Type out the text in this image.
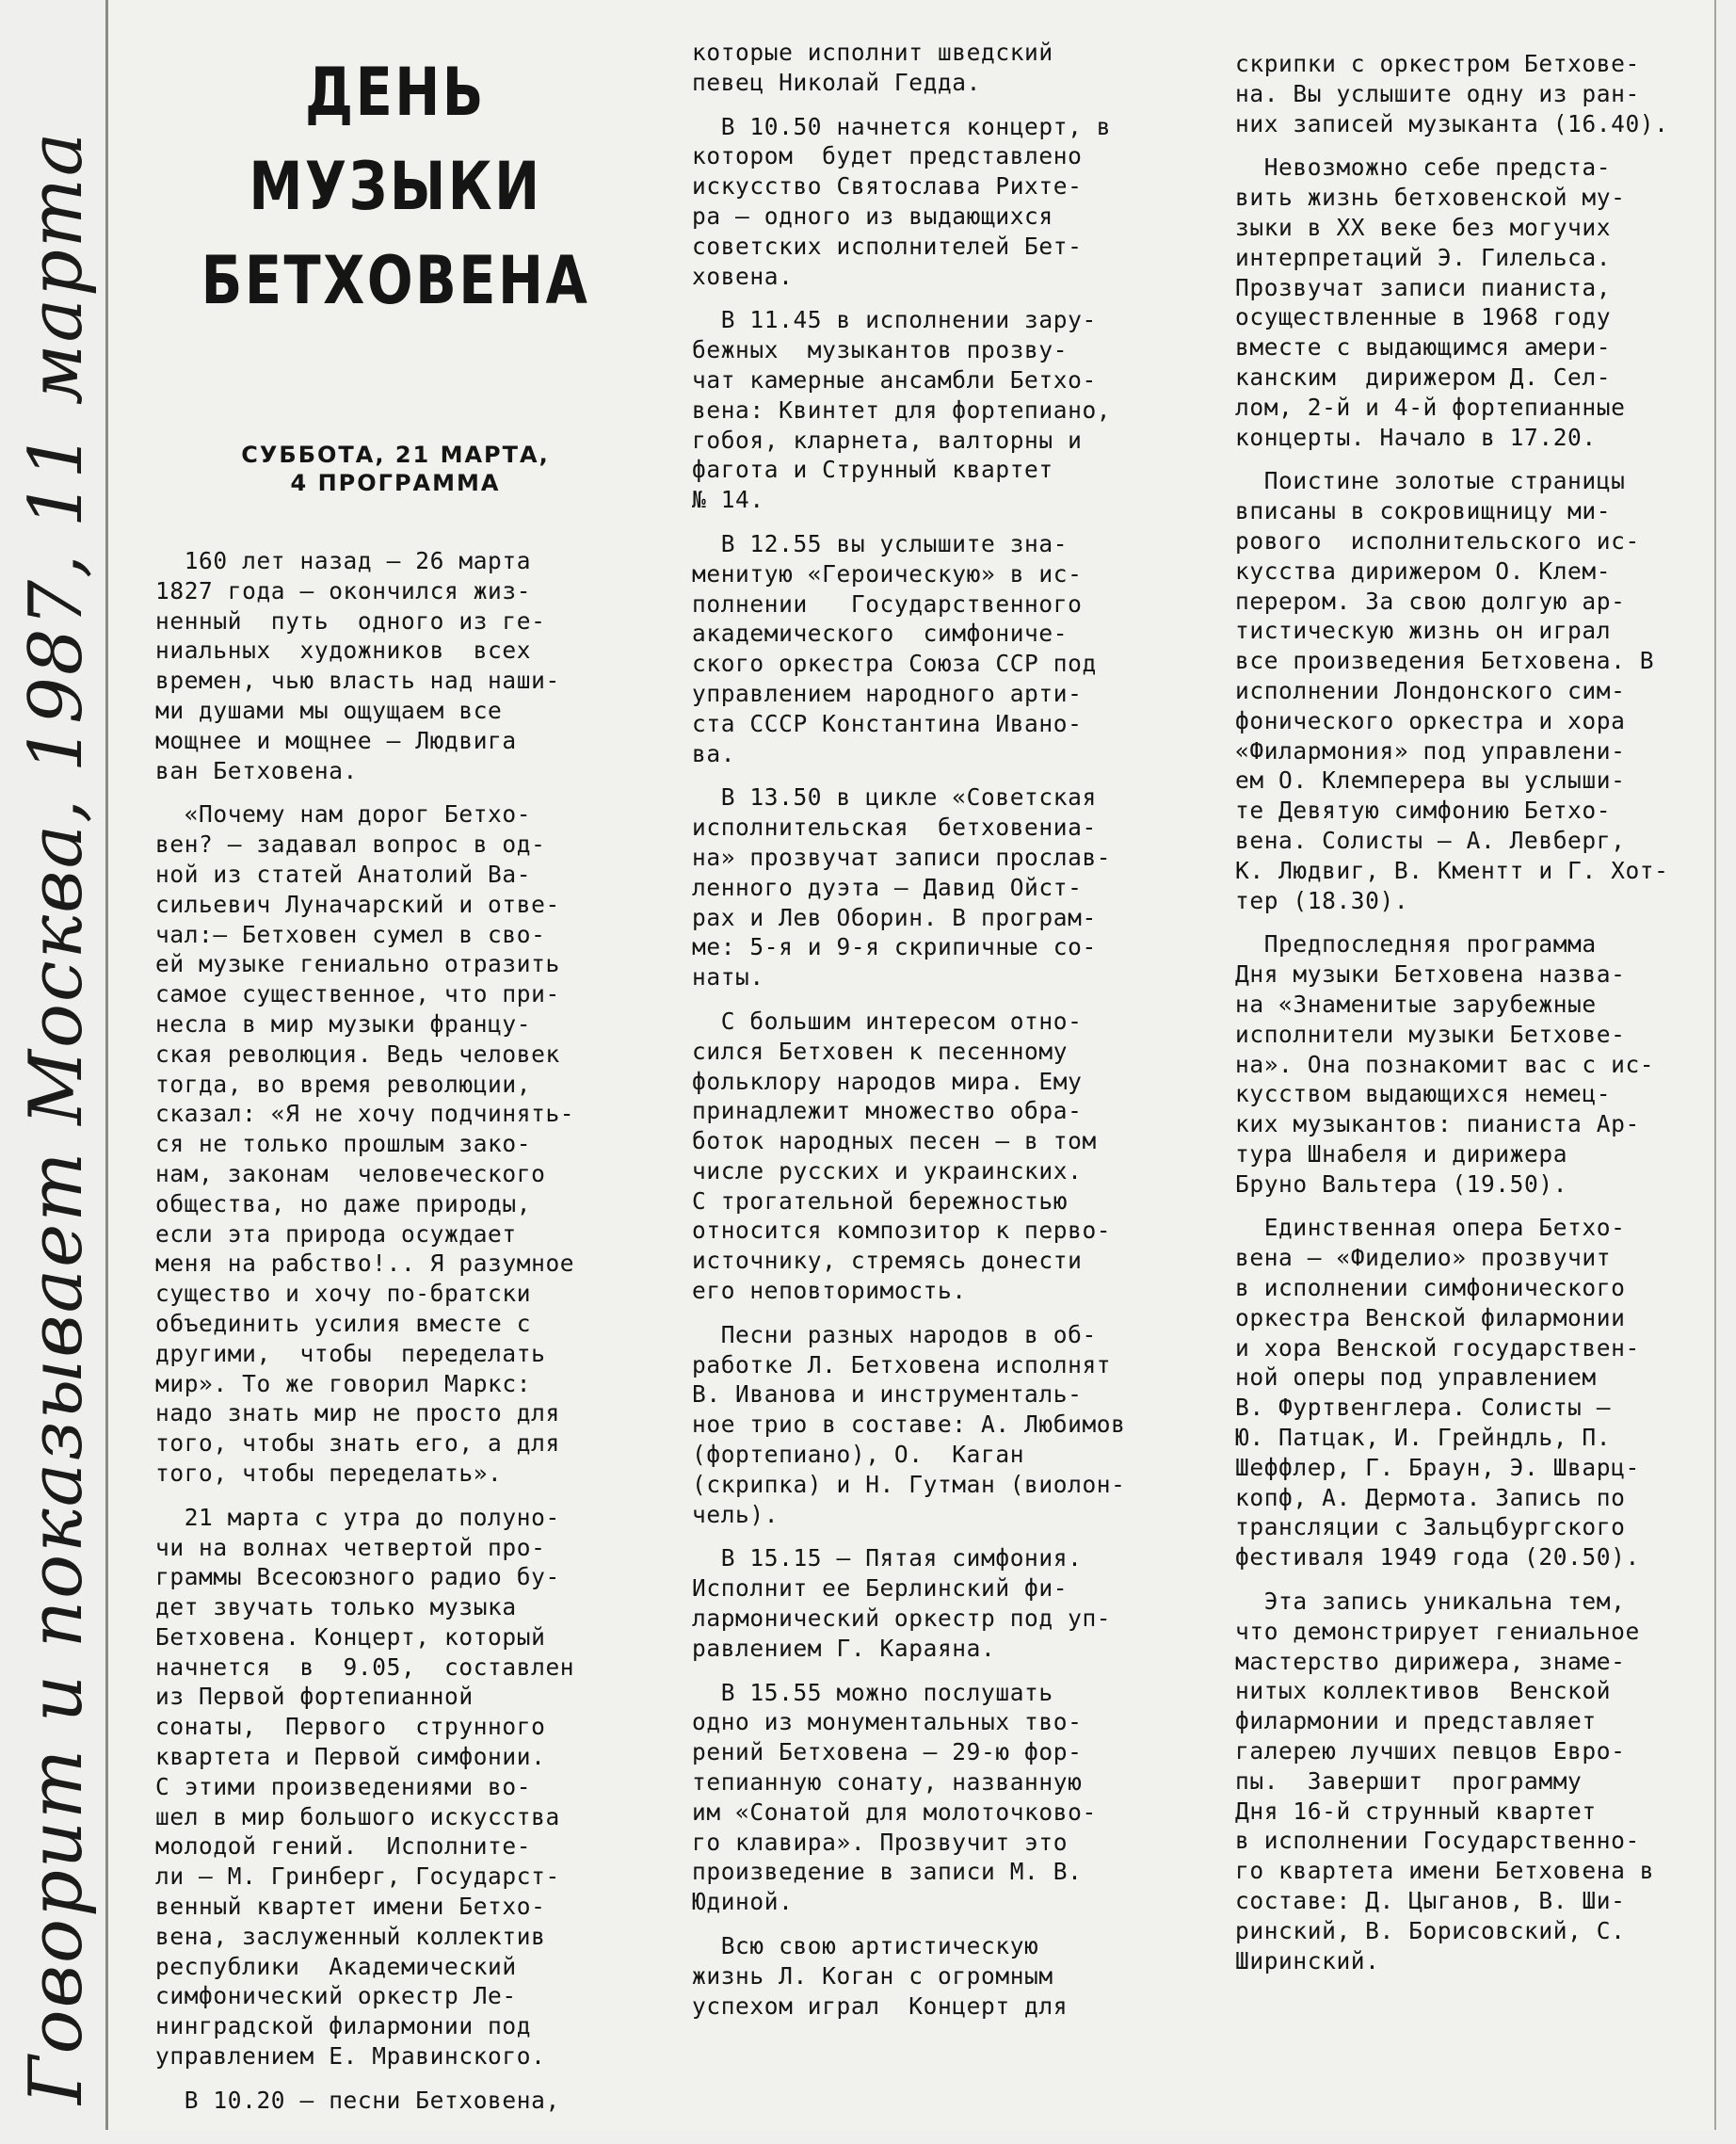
Говорит и показывает Москва, 1987, 11 марта
ДЕНЬ МУЗЫКИ
БЕТХОВЕНА
СУББОТА, 21 МАРТА,
4 ПРОГРАММА
160 лет назад — 26 марта
1827 года — окончился жиз-
ненный  путь  одного из ге-
ниальных  художников  всех
времен, чью власть над наши-
ми душами мы ощущаем все
мощнее и мощнее — Людвига
ван Бетховена.
«Почему нам дорог Бетхо-
вен? — задавал вопрос в од-
ной из статей Анатолий Ва-
сильевич Луначарский и отве-
чал:— Бетховен сумел в сво-
ей музыке гениально отразить
самое существенное, что при-
несла в мир музыки францу-
ская революция. Ведь человек
тогда, во время революции,
сказал: «Я не хочу подчинять-
ся не только прошлым зако-
нам, законам  человеческого
общества, но даже природы,
если эта природа осуждает
меня на рабство!.. Я разумное
существо и хочу по-братски
объединить усилия вместе с
другими,  чтобы  переделать
мир». То же говорил Маркс:
надо знать мир не просто для
того, чтобы знать его, а для
того, чтобы переделать».
21 марта с утра до полуно-
чи на волнах четвертой про-
граммы Всесоюзного радио бу-
дет звучать только музыка
Бетховена. Концерт, который
начнется  в  9.05,  составлен
из Первой фортепианной
сонаты,  Первого  струнного
квартета и Первой симфонии.
С этими произведениями во-
шел в мир большого искусства
молодой гений.  Исполните-
ли — М. Гринберг, Государст-
венный квартет имени Бетхо-
вена, заслуженный коллектив
республики  Академический
симфонический оркестр Ле-
нинградской филармонии под
управлением Е. Мравинского.
В 10.20 — песни Бетховена,
которые исполнит шведский
певец Николай Гедда.
В 10.50 начнется концерт, в
котором  будет представлено
искусство Святослава Рихте-
ра — одного из выдающихся
советских исполнителей Бет-
ховена.
В 11.45 в исполнении зару-
бежных  музыкантов прозву-
чат камерные ансамбли Бетхо-
вена: Квинтет для фортепиано,
гобоя, кларнета, валторны и
фагота и Струнный квартет
№ 14.
В 12.55 вы услышите зна-
менитую «Героическую» в ис-
полнении   Государственного
академического  симфониче-
ского оркестра Союза ССР под
управлением народного арти-
ста СССР Константина Ивано-
ва.
В 13.50 в цикле «Советская
исполнительская  бетховениа-
на» прозвучат записи прослав-
ленного дуэта — Давид Ойст-
рах и Лев Оборин. В програм-
ме: 5-я и 9-я скрипичные со-
наты.
С большим интересом отно-
сился Бетховен к песенному
фольклору народов мира. Ему
принадлежит множество обра-
боток народных песен — в том
числе русских и украинских.
С трогательной бережностью
относится композитор к перво-
источнику, стремясь донести
его неповторимость.
Песни разных народов в об-
работке Л. Бетховена исполнят
В. Иванова и инструменталь-
ное трио в составе: А. Любимов
(фортепиано), О.  Каган
(скрипка) и Н. Гутман (виолон-
чель).
В 15.15 — Пятая симфония.
Исполнит ее Берлинский фи-
лармонический оркестр под уп-
равлением Г. Караяна.
В 15.55 можно послушать
одно из монументальных тво-
рений Бетховена — 29-ю фор-
тепианную сонату, названную
им «Сонатой для молоточково-
го клавира». Прозвучит это
произведение в записи М. В.
Юдиной.
Всю свою артистическую
жизнь Л. Коган с огромным
успехом играл  Концерт для
скрипки с оркестром Бетхове-
на. Вы услышите одну из ран-
них записей музыканта (16.40).
Невозможно себе предста-
вить жизнь бетховенской му-
зыки в XX веке без могучих
интерпретаций Э. Гилельса.
Прозвучат записи пианиста,
осуществленные в 1968 году
вместе с выдающимся амери-
канским  дирижером Д. Сел-
лом, 2-й и 4-й фортепианные
концерты. Начало в 17.20.
Поистине золотые страницы
вписаны в сокровищницу ми-
рового  исполнительского ис-
кусства дирижером О. Клем-
перером. За свою долгую ар-
тистическую жизнь он играл
все произведения Бетховена. В
исполнении Лондонского сим-
фонического оркестра и хора
«Филармония» под управлени-
ем О. Клемперера вы услыши-
те Девятую симфонию Бетхо-
вена. Солисты — А. Левберг,
К. Людвиг, В. Кментт и Г. Хот-
тер (18.30).
Предпоследняя программа
Дня музыки Бетховена назва-
на «Знаменитые зарубежные
исполнители музыки Бетхове-
на». Она познакомит вас с ис-
кусством выдающихся немец-
ких музыкантов: пианиста Ар-
тура Шнабеля и дирижера
Бруно Вальтера (19.50).
Единственная опера Бетхо-
вена — «Фиделио» прозвучит
в исполнении симфонического
оркестра Венской филармонии
и хора Венской государствен-
ной оперы под управлением
В. Фуртвенглера. Солисты —
Ю. Патцак, И. Грейндль, П.
Шеффлер, Г. Браун, Э. Шварц-
копф, А. Дермота. Запись по
трансляции с Зальцбургского
фестиваля 1949 года (20.50).
Эта запись уникальна тем,
что демонстрирует гениальное
мастерство дирижера, знаме-
нитых коллективов  Венской
филармонии и представляет
галерею лучших певцов Евро-
пы.  Завершит  программу
Дня 16-й струнный квартет
в исполнении Государственно-
го квартета имени Бетховена в
составе: Д. Цыганов, В. Ши-
ринский, В. Борисовский, С.
Ширинский.
